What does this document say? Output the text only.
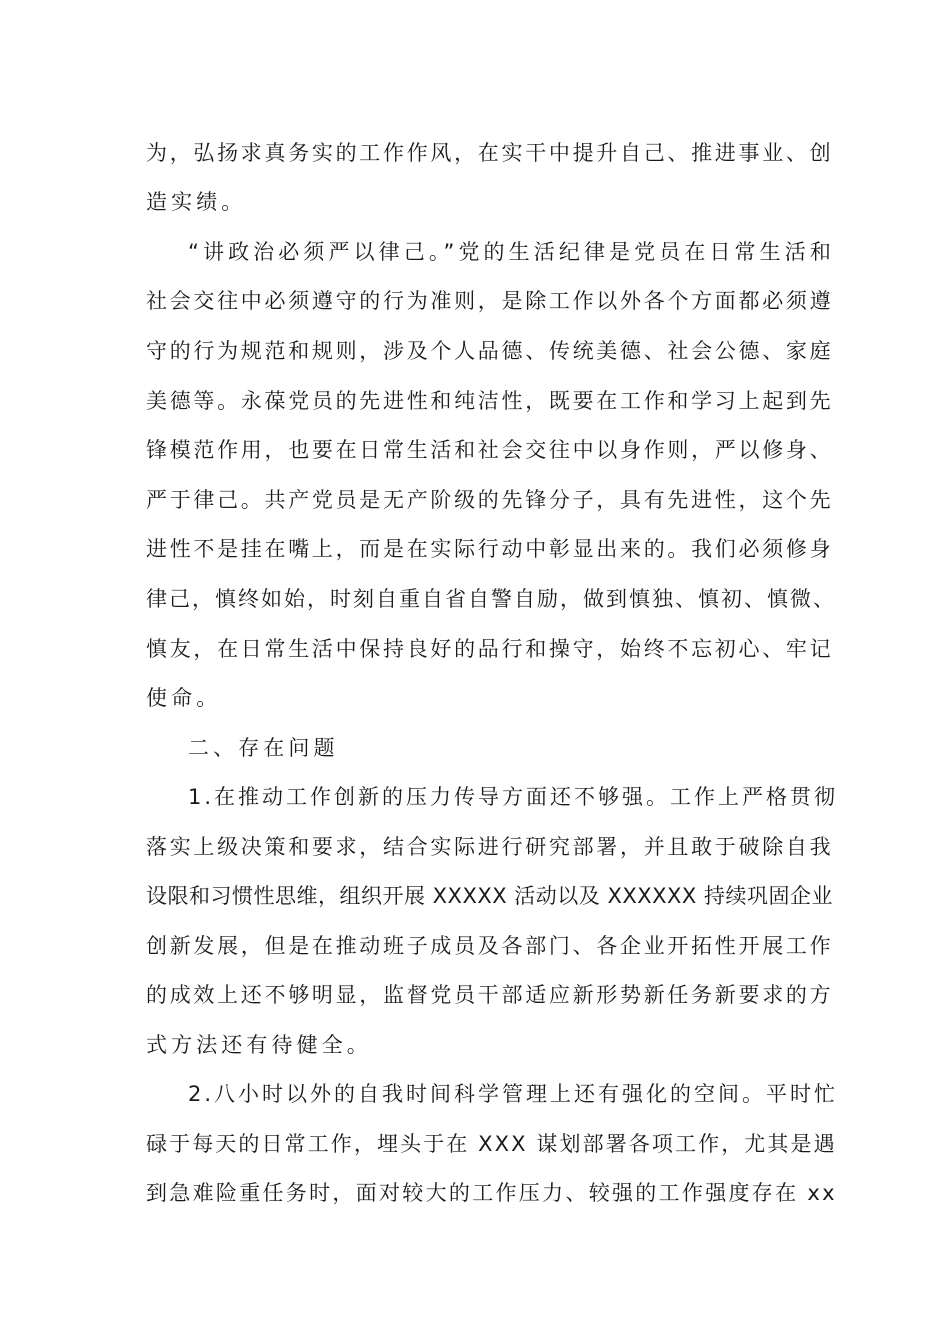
为，弘扬求真务实的工作作风，在实干中提升自己、推进事业、创
造实绩。
“讲政治必须严以律己。”党的生活纪律是党员在日常生活和
社会交往中必须遵守的行为准则，是除工作以外各个方面都必须遵
守的行为规范和规则，涉及个人品德、传统美德、社会公德、家庭
美德等。永葆党员的先进性和纯洁性，既要在工作和学习上起到先
锋模范作用，也要在日常生活和社会交往中以身作则，严以修身、
严于律己。共产党员是无产阶级的先锋分子，具有先进性，这个先
进性不是挂在嘴上，而是在实际行动中彰显出来的。我们必须修身
律己，慎终如始，时刻自重自省自警自励，做到慎独、慎初、慎微、
慎友，在日常生活中保持良好的品行和操守，始终不忘初心、牢记
使命。
二、存在问题
1.在推动工作创新的压力传导方面还不够强。工作上严格贯彻
落实上级决策和要求，结合实际进行研究部署，并且敢于破除自我
设限和习惯性思维，组织开展 XXXXX 活动以及 XXXXXX 持续巩固企业
创新发展，但是在推动班子成员及各部门、各企业开拓性开展工作
的成效上还不够明显，监督党员干部适应新形势新任务新要求的方
式方法还有待健全。
2.八小时以外的自我时间科学管理上还有强化的空间。平时忙
碌于每天的日常工作，埋头于在 XXX 谋划部署各项工作，尤其是遇
到急难险重任务时，面对较大的工作压力、较强的工作强度存在 xx
